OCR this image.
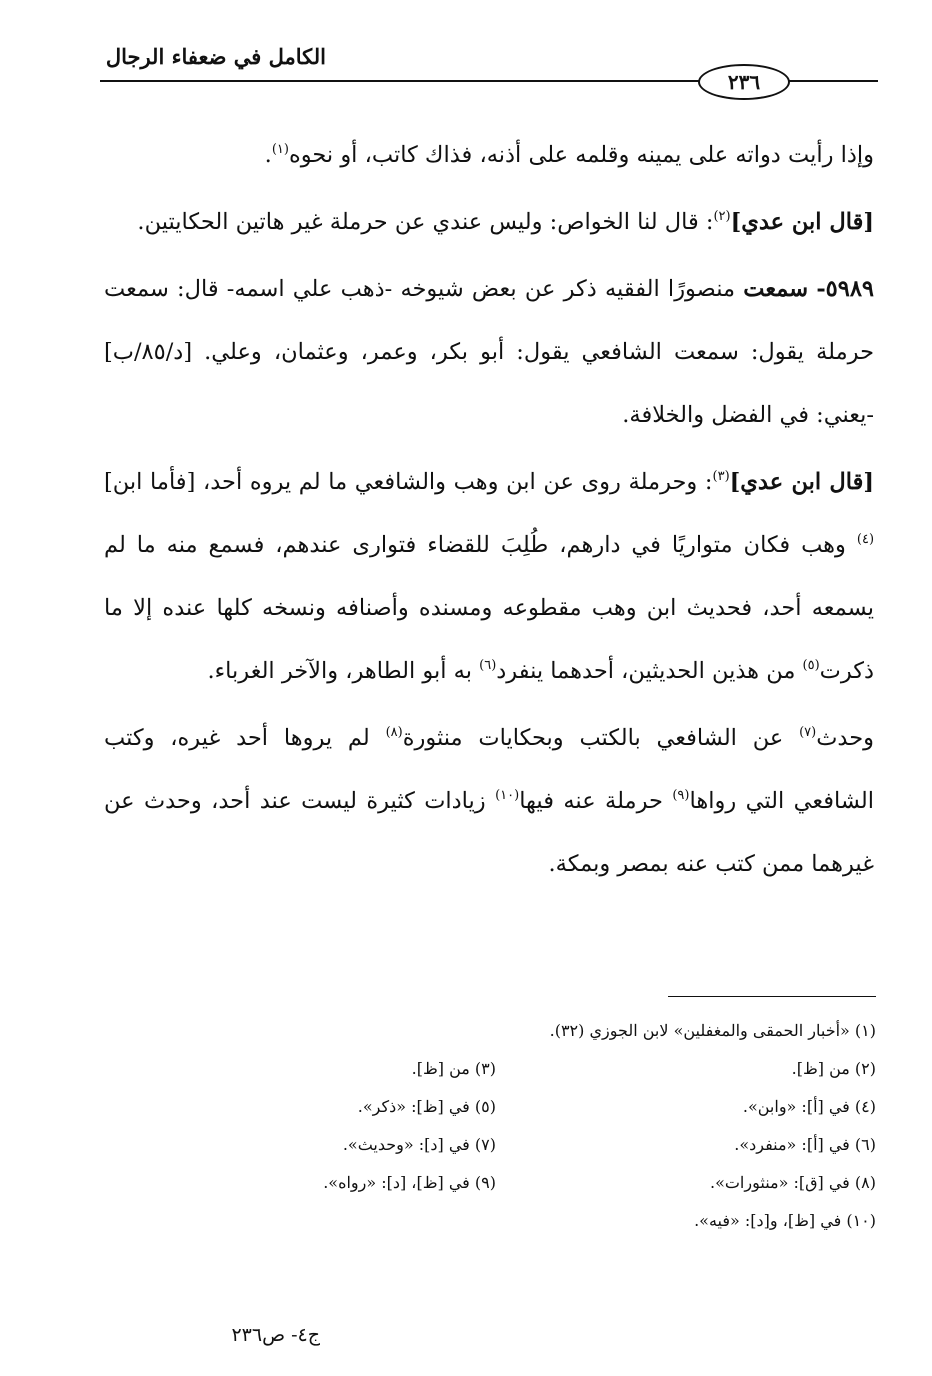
الكامل في ضعفاء الرجال
٢٣٦

وإذا رأيت دواته على يمينه وقلمه على أذنه، فذاك كاتب، أو نحوه$^{(١)}$.

[قال ابن عدي]$^{(٢)}$: قال لنا الخواص: وليس عندي عن حرملة غير هاتين الحكايتين.

٥٩٨٩- سمعت منصورًا الفقيه ذكر عن بعض شيوخه -ذهب علي اسمه- قال: سمعت حرملة يقول: سمعت الشافعي يقول: أبو بكر، وعمر، وعثمان، وعلي. [د/٨٥/ب] -يعني: في الفضل والخلافة.

[قال ابن عدي]$^{(٣)}$: وحرملة روى عن ابن وهب والشافعي ما لم يروه أحد، [فأما ابن]$^{(٤)}$ وهب فكان متواريًا في دارهم، طُلِبَ للقضاء فتوارى عندهم، فسمع منه ما لم يسمعه أحد، فحديث ابن وهب مقطوعه ومسنده وأصنافه ونسخه كلها عنده إلا ما ذكرت$^{(٥)}$ من هذين الحديثين، أحدهما ينفرد$^{(٦)}$ به أبو الطاهر، والآخر الغرباء.

وحدث$^{(٧)}$ عن الشافعي بالكتب وبحكايات منثورة$^{(٨)}$ لم يروها أحد غيره، وكتب الشافعي التي رواها$^{(٩)}$ حرملة عنه فيها$^{(١٠)}$ زيادات كثيرة ليست عند أحد، وحدث عن غيرهما ممن كتب عنه بمصر وبمكة.

(١) «أخبار الحمقى والمغفلين» لابن الجوزي (٣٢).
(٢) من [ظ].
(٣) من [ظ].
(٤) في [أ]: «وابن».
(٥) في [ظ]: «ذكر».
(٦) في [أ]: «منفرد».
(٧) في [د]: «وحديث».
(٨) في [ق]: «منثورات».
(٩) في [ظ]، [د]: «رواه».
(١٠) في [ظ]، و[د]: «فيه».
ج٤- ص٢٣٦
